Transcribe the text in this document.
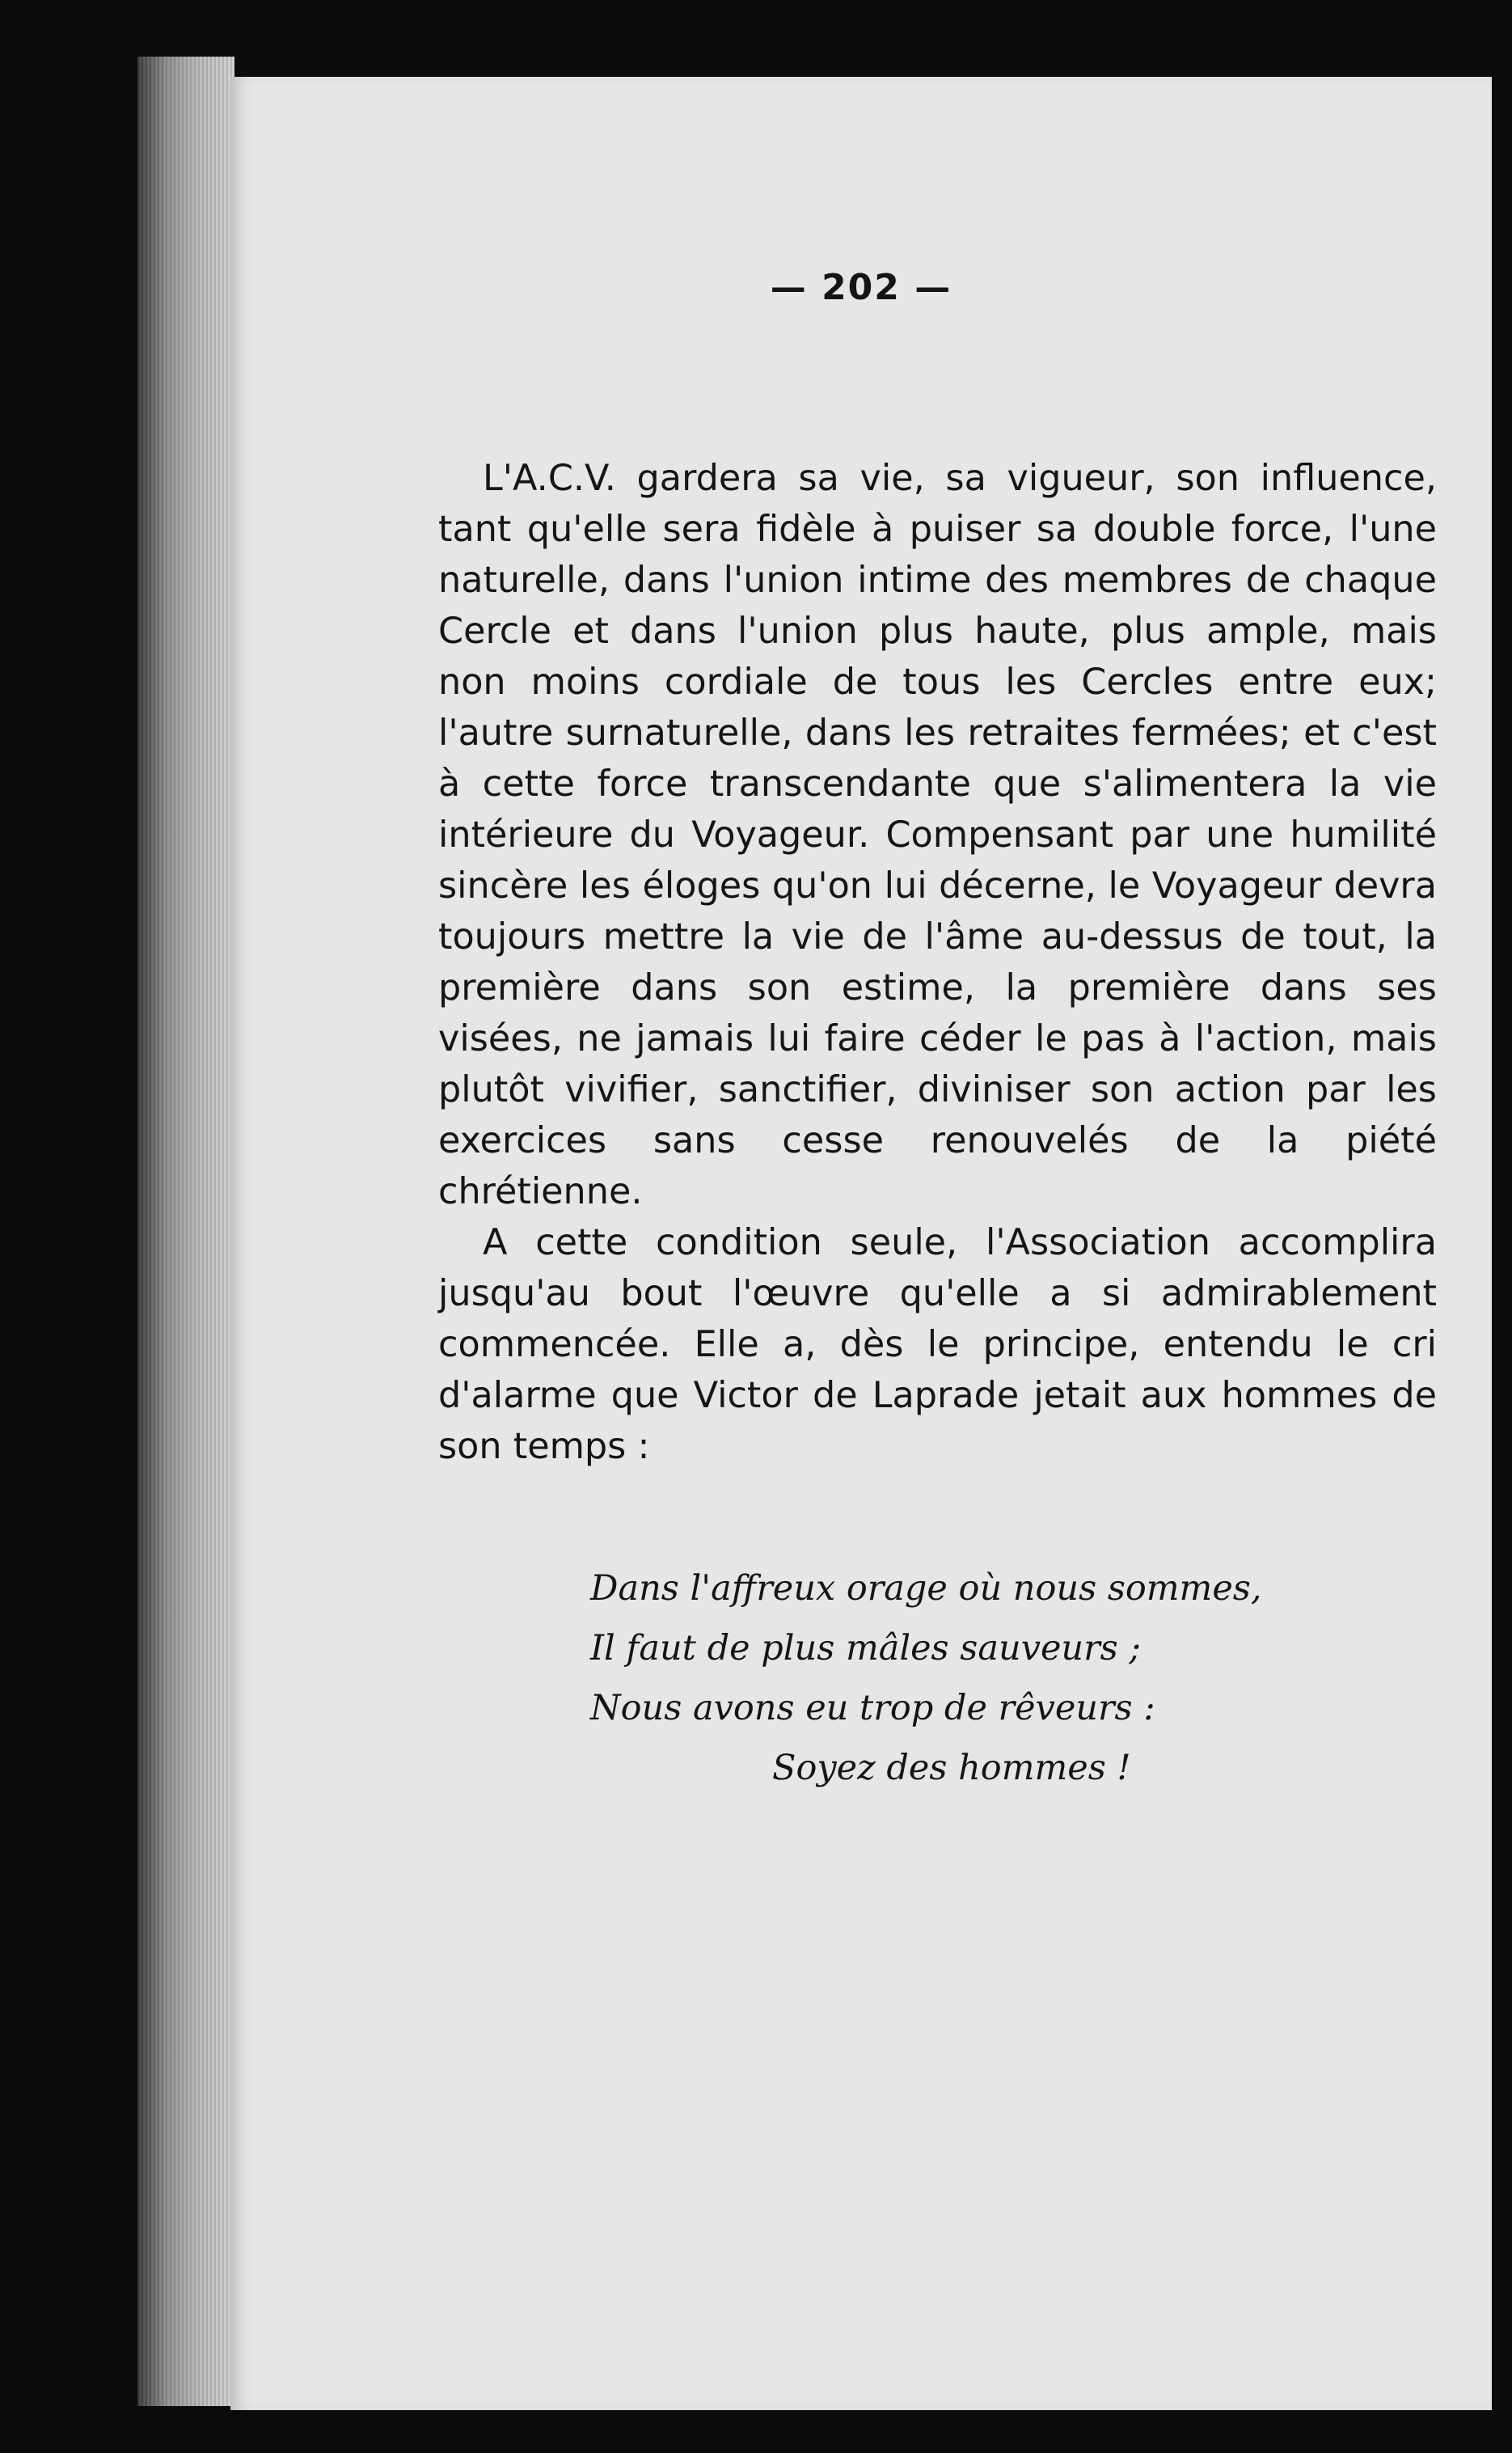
— 202 —

L'A.C.V. gardera sa vie, sa vigueur, son influence, tant qu'elle sera fidèle à puiser sa double force, l'une naturelle, dans l'union intime des membres de chaque Cercle et dans l'union plus haute, plus ample, mais non moins cordiale de tous les Cercles entre eux; l'autre surnaturelle, dans les retraites fermées; et c'est à cette force transcendante que s'alimentera la vie intérieure du Voyageur. Compensant par une humilité sincère les éloges qu'on lui décerne, le Voyageur devra toujours mettre la vie de l'âme au-dessus de tout, la première dans son estime, la première dans ses visées, ne jamais lui faire céder le pas à l'action, mais plutôt vivifier, sanctifier, diviniser son action par les exercices sans cesse renouvelés de la piété chrétienne.

A cette condition seule, l'Association accomplira jusqu'au bout l'œuvre qu'elle a si admirablement commencée. Elle a, dès le principe, entendu le cri d'alarme que Victor de Laprade jetait aux hommes de son temps :

Dans l'affreux orage où nous sommes,
Il faut de plus mâles sauveurs ;
Nous avons eu trop de rêveurs :
Soyez des hommes !
